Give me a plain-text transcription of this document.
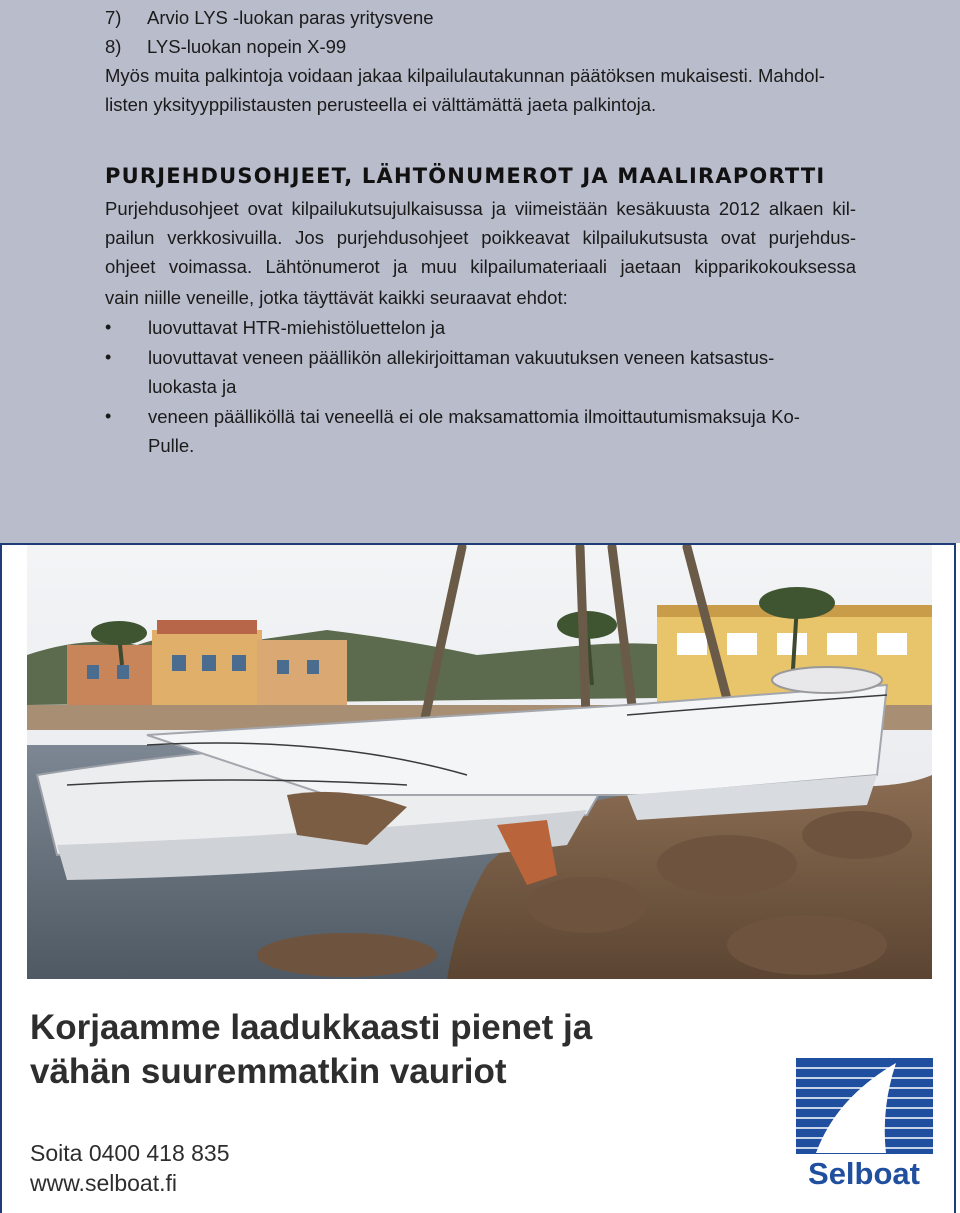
7) Arvio LYS -luokan paras yritysvene
8) LYS-luokan nopein X-99
Myös muita palkintoja voidaan jakaa kilpailulautakunnan päätöksen mukaisesti. Mahdol-
listen yksityyppilistausten perusteella ei välttämättä jaeta palkintoja.
PURJEHDUSOHJEET, LÄHTÖNUMEROT JA MAALIRAPORTTI
Purjehdusohjeet ovat kilpailukutsujulkaisussa ja viimeistään kesäkuusta 2012 alkaen kil-
pailun verkkosivuilla. Jos purjehdusohjeet poikkeavat kilpailukutsusta ovat purjehdus-
ohjeet voimassa. Lähtönumerot ja muu kilpailumateriaali jaetaan kipparikokouksessa
vain niille veneille, jotka täyttävät kaikki seuraavat ehdot:
• luovuttavat HTR-miehistöluettelon ja
• luovuttavat veneen päällikön allekirjoittaman vakuutuksen veneen katsastus-
luokasta ja
• veneen päälliköllä tai veneellä ei ole maksamattomia ilmoittautumismaksuja Ko-
Pulle.
Korjaamme laadukkaasti pienet ja
vähän suuremmatkin vauriot
Soita 0400 418 835
www.selboat.fi	Selboat
